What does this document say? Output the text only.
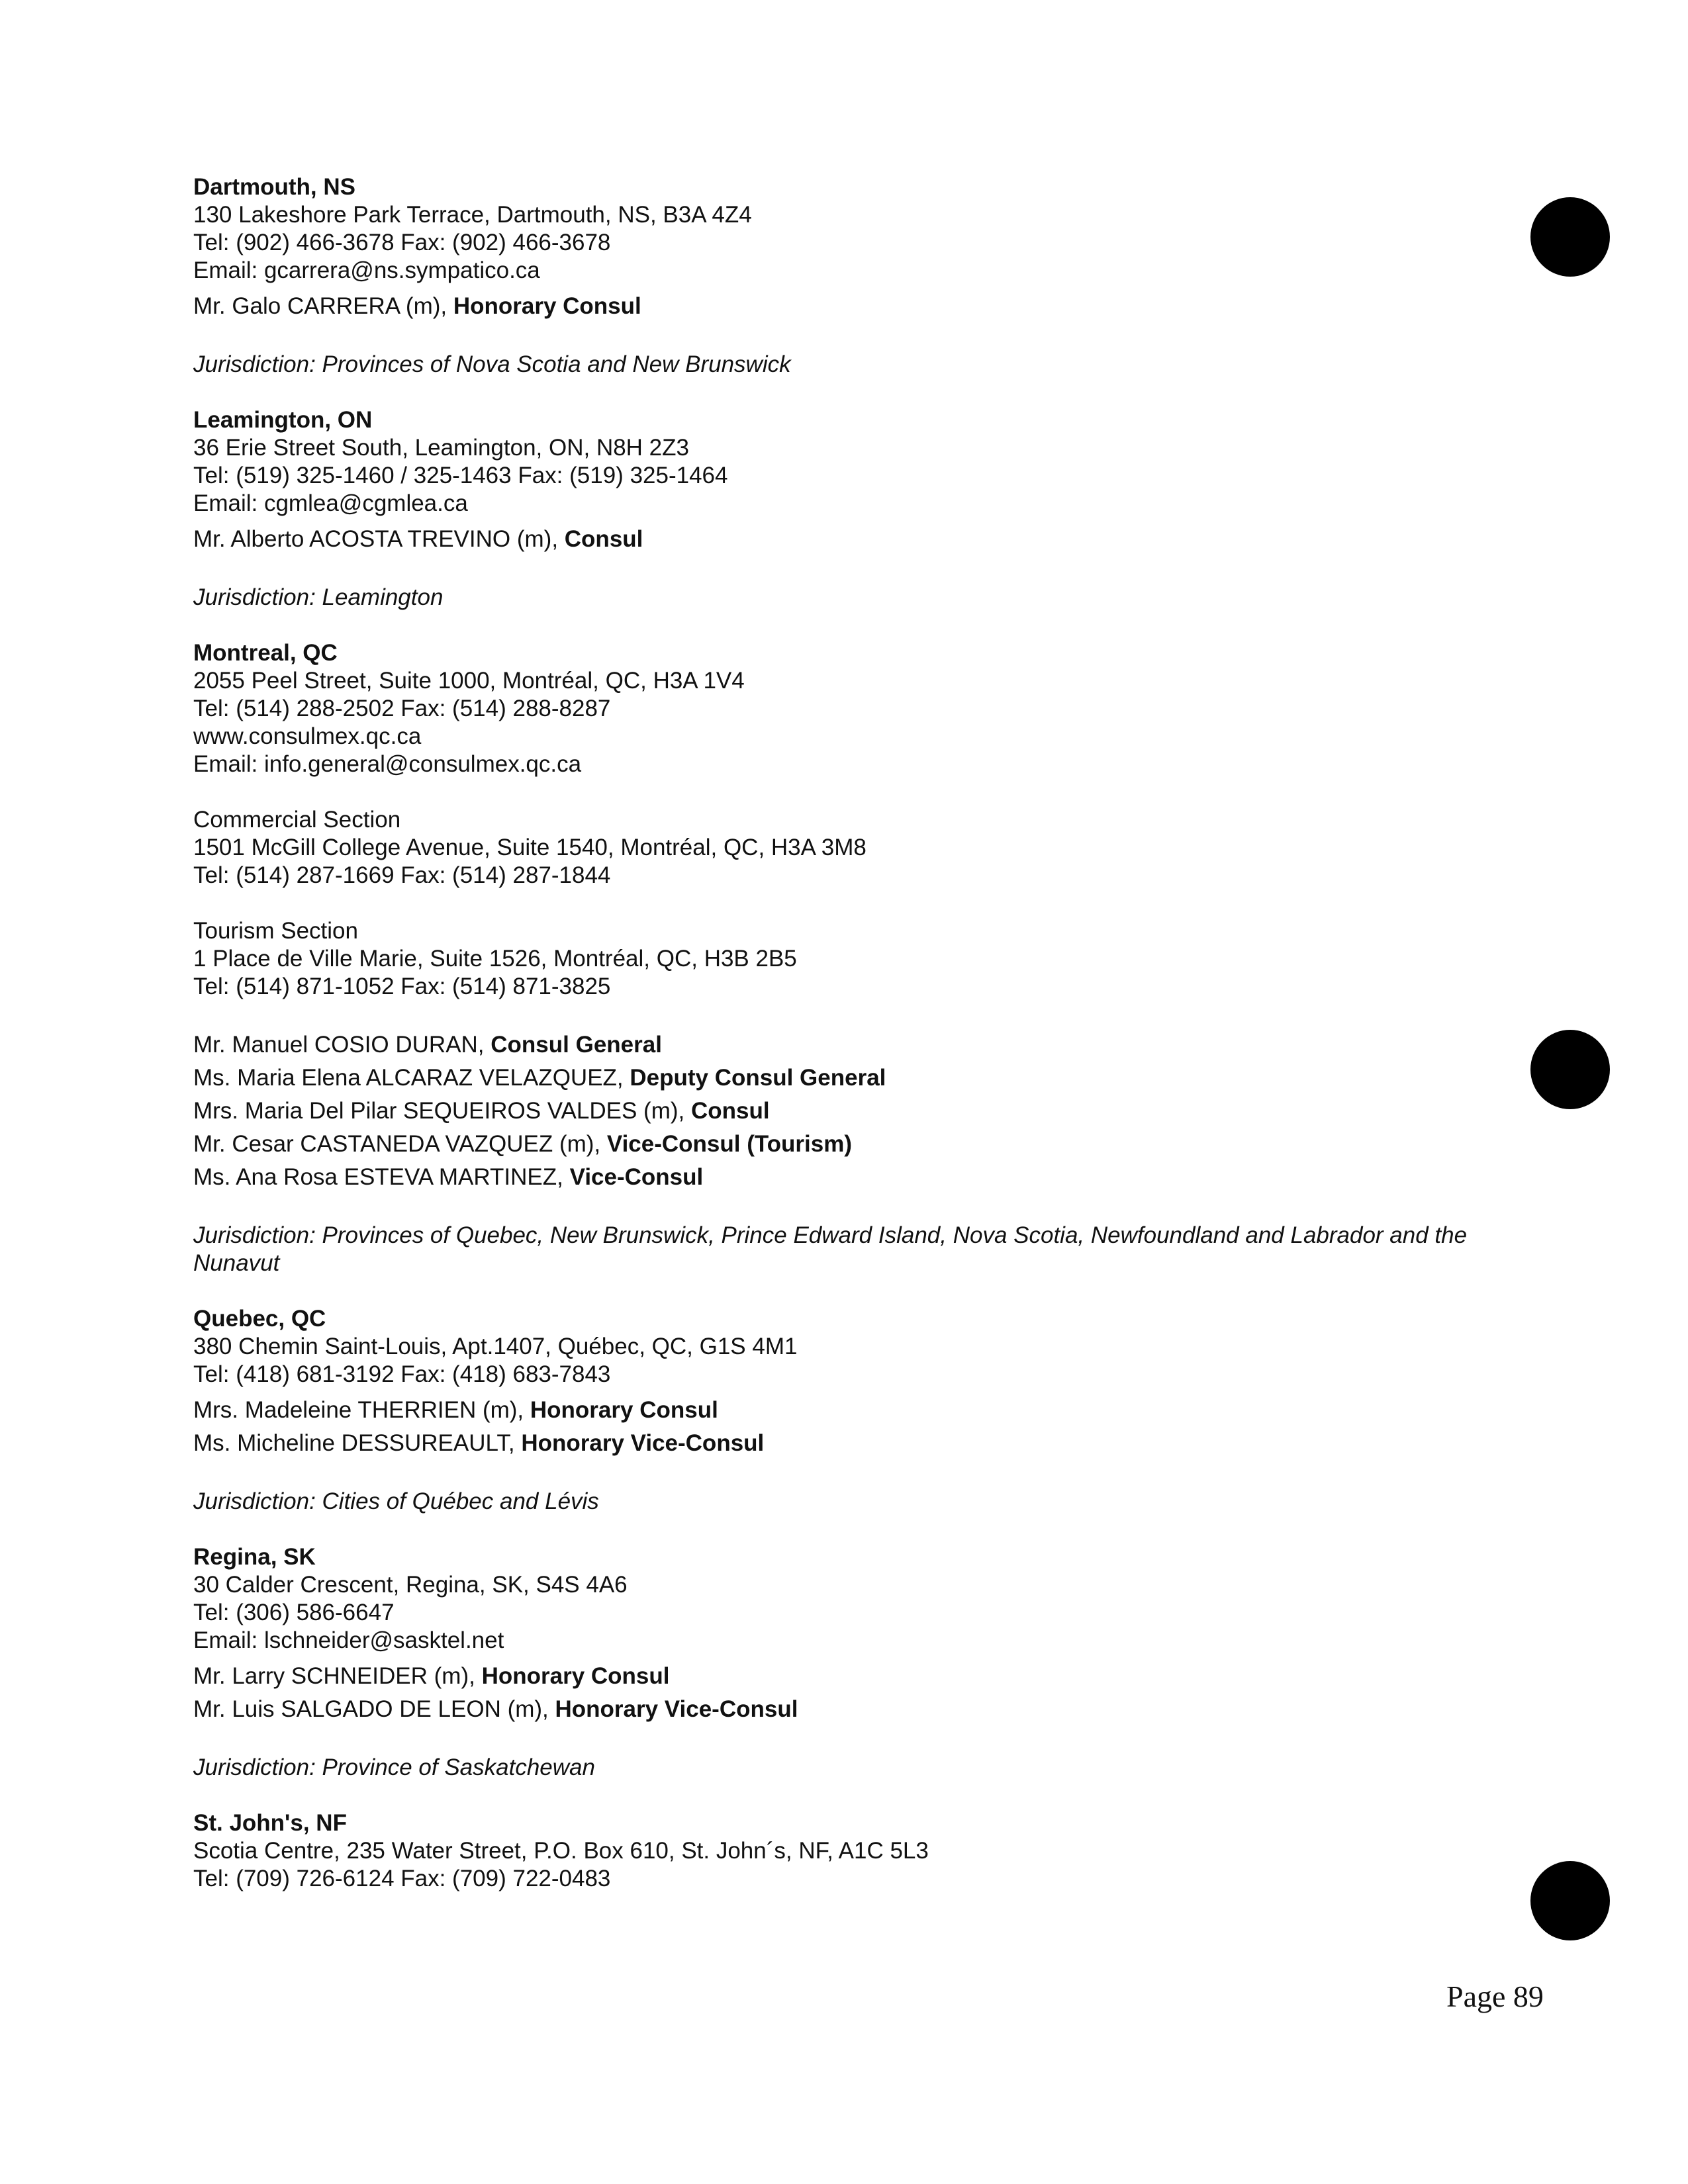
Dartmouth, NS

130 Lakeshore Park Terrace, Dartmouth, NS, B3A 4Z4

Tel: (902) 466-3678 Fax: (902) 466-3678

Email: gcarrera@ns.sympatico.ca

Mr. Galo CARRERA (m), Honorary Consul

Jurisdiction: Provinces of Nova Scotia and New Brunswick

Leamington, ON

36 Erie Street South, Leamington, ON, N8H 2Z3

Tel: (519) 325-1460 / 325-1463 Fax: (519) 325-1464

Email: cgmlea@cgmlea.ca

Mr. Alberto ACOSTA TREVINO (m), Consul

Jurisdiction: Leamington

Montreal, QC

2055 Peel Street, Suite 1000, Montréal, QC, H3A 1V4

Tel: (514) 288-2502 Fax: (514) 288-8287

www.consulmex.qc.ca

Email: info.general@consulmex.qc.ca

Commercial Section

1501 McGill College Avenue, Suite 1540, Montréal, QC, H3A 3M8

Tel: (514) 287-1669 Fax: (514) 287-1844

Tourism Section

1 Place de Ville Marie, Suite 1526, Montréal, QC, H3B 2B5

Tel: (514) 871-1052 Fax: (514) 871-3825

Mr. Manuel COSIO DURAN, Consul General

Ms. Maria Elena ALCARAZ VELAZQUEZ, Deputy Consul General

Mrs. Maria Del Pilar SEQUEIROS VALDES (m), Consul

Mr. Cesar CASTANEDA VAZQUEZ (m), Vice-Consul (Tourism)

Ms. Ana Rosa ESTEVA MARTINEZ, Vice-Consul

Jurisdiction: Provinces of Quebec, New Brunswick, Prince Edward Island, Nova Scotia, Newfoundland and Labrador and the Nunavut

Quebec, QC

380 Chemin Saint-Louis, Apt.1407, Québec, QC, G1S 4M1

Tel: (418) 681-3192 Fax: (418) 683-7843

Mrs. Madeleine THERRIEN (m), Honorary Consul

Ms. Micheline DESSUREAULT, Honorary Vice-Consul

Jurisdiction: Cities of Québec and Lévis

Regina, SK

30 Calder Crescent, Regina, SK, S4S 4A6

Tel: (306) 586-6647

Email: lschneider@sasktel.net

Mr. Larry SCHNEIDER (m), Honorary Consul

Mr. Luis SALGADO DE LEON (m), Honorary Vice-Consul

Jurisdiction: Province of Saskatchewan

St. John's, NF

Scotia Centre, 235 Water Street, P.O. Box 610, St. John´s, NF, A1C 5L3

Tel: (709) 726-6124 Fax: (709) 722-0483

Page 89
